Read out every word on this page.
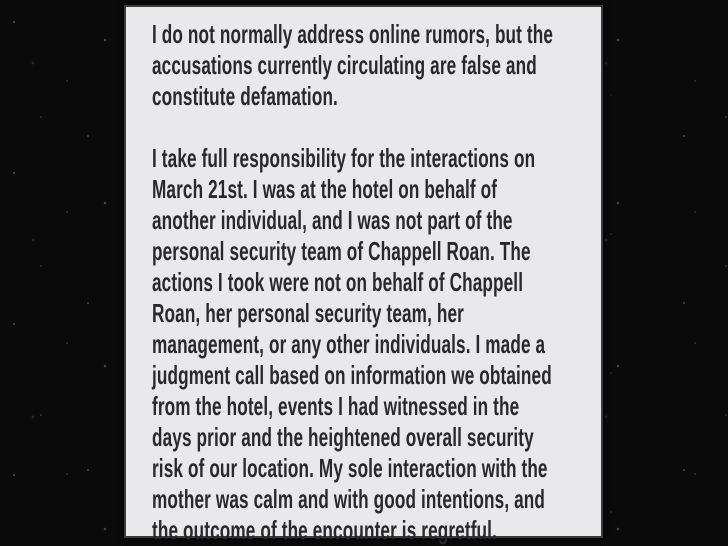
I do not normally address online rumors, but the
accusations currently circulating are false and
constitute defamation.
I take full responsibility for the interactions on
March 21st. I was at the hotel on behalf of
another individual, and I was not part of the
personal security team of Chappell Roan. The
actions I took were not on behalf of Chappell
Roan, her personal security team, her
management, or any other individuals. I made a
judgment call based on information we obtained
from the hotel, events I had witnessed in the
days prior and the heightened overall security
risk of our location. My sole interaction with the
mother was calm and with good intentions, and
the outcome of the encounter is regretful.
